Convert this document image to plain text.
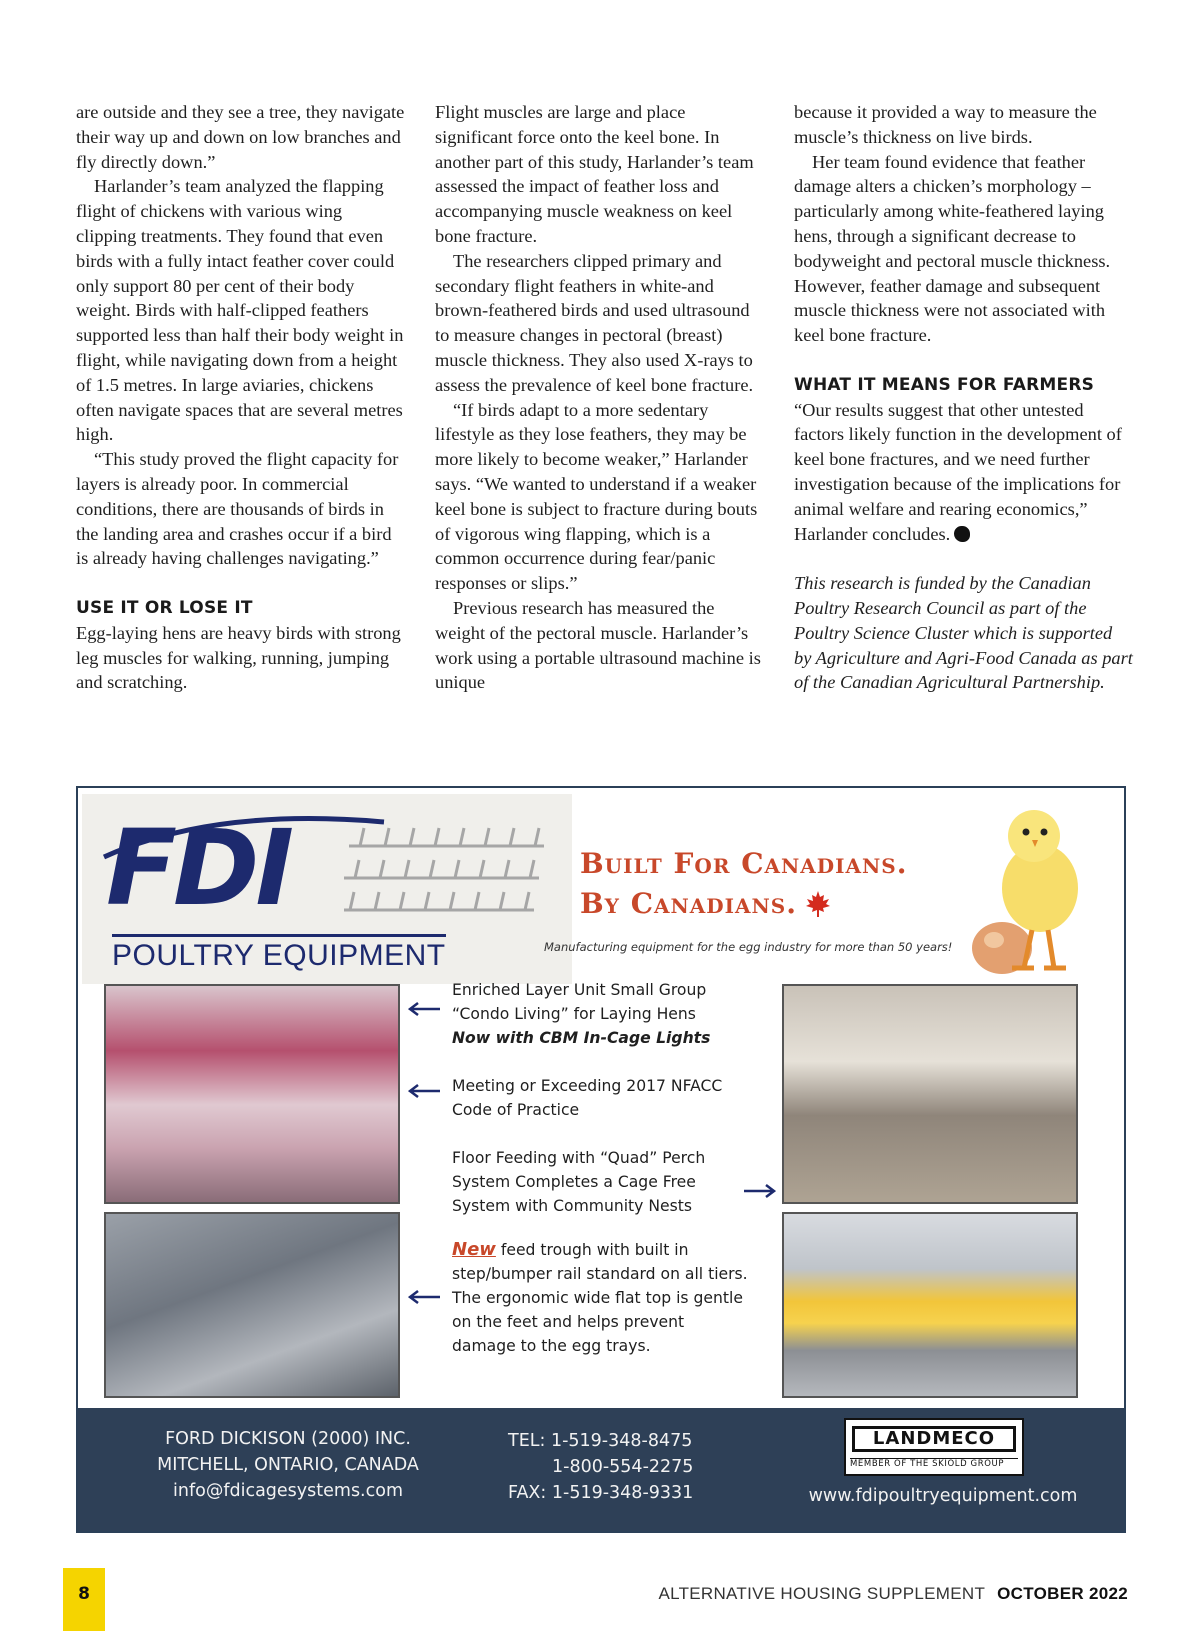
are outside and they see a tree, they navigate their way up and down on low branches and fly directly down.”

Harlander’s team analyzed the flapping flight of chickens with various wing clipping treatments. They found that even birds with a fully intact feather cover could only support 80 per cent of their body weight. Birds with half-clipped feathers supported less than half their body weight in flight, while navigating down from a height of 1.5 metres. In large aviaries, chickens often navigate spaces that are several metres high.

“This study proved the flight capacity for layers is already poor. In commercial conditions, there are thousands of birds in the landing area and crashes occur if a bird is already having challenges navigating.”

USE IT OR LOSE IT

Egg-laying hens are heavy birds with strong leg muscles for walking, running, jumping and scratching.

Flight muscles are large and place significant force onto the keel bone. In another part of this study, Harlander’s team assessed the impact of feather loss and accompanying muscle weakness on keel bone fracture.

The researchers clipped primary and secondary flight feathers in white-and brown-feathered birds and used ultrasound to measure changes in pectoral (breast) muscle thickness. They also used X-rays to assess the prevalence of keel bone fracture.

“If birds adapt to a more sedentary lifestyle as they lose feathers, they may be more likely to become weaker,” Harlander says. “We wanted to understand if a weaker keel bone is subject to fracture during bouts of vigorous wing flapping, which is a common occurrence during fear/panic responses or slips.”

Previous research has measured the weight of the pectoral muscle. Harlander’s work using a portable ultrasound machine is unique

because it provided a way to measure the muscle’s thickness on live birds.

Her team found evidence that feather damage alters a chicken’s morphology – particularly among white-feathered laying hens, through a significant decrease to bodyweight and pectoral muscle thickness. However, feather damage and subsequent muscle thickness were not associated with keel bone fracture.

WHAT IT MEANS FOR FARMERS

“Our results suggest that other untested factors likely function in the development of keel bone fractures, and we need further investigation because of the implications for animal welfare and rearing economics,” Harlander concludes.

This research is funded by the Canadian Poultry Research Council as part of the Poultry Science Cluster which is supported by Agriculture and Agri-Food Canada as part of the Canadian Agricultural Partnership.

FDI
POULTRY EQUIPMENT
Built For Canadians.
By Canadians.
Manufacturing equipment for the egg industry for more than 50 years!
Enriched Layer Unit Small Group
“Condo Living” for Laying Hens
Now with CBM In-Cage Lights
Meeting or Exceeding 2017 NFACC Code of Practice
Floor Feeding with “Quad” Perch System Completes a Cage Free System with Community Nests
New feed trough with built in step/bumper rail standard on all tiers. The ergonomic wide flat top is gentle on the feet and helps prevent damage to the egg trays.
FORD DICKISON (2000) INC.
MITCHELL, ONTARIO, CANADA
info@fdicagesystems.com
TEL: 1-519-348-8475
1-800-554-2275
FAX: 1-519-348-9331
LANDMECO
MEMBER OF THE SKIOLD GROUP
www.fdipoultryequipment.com
8	ALTERNATIVE HOUSING SUPPLEMENT OCTOBER 2022
